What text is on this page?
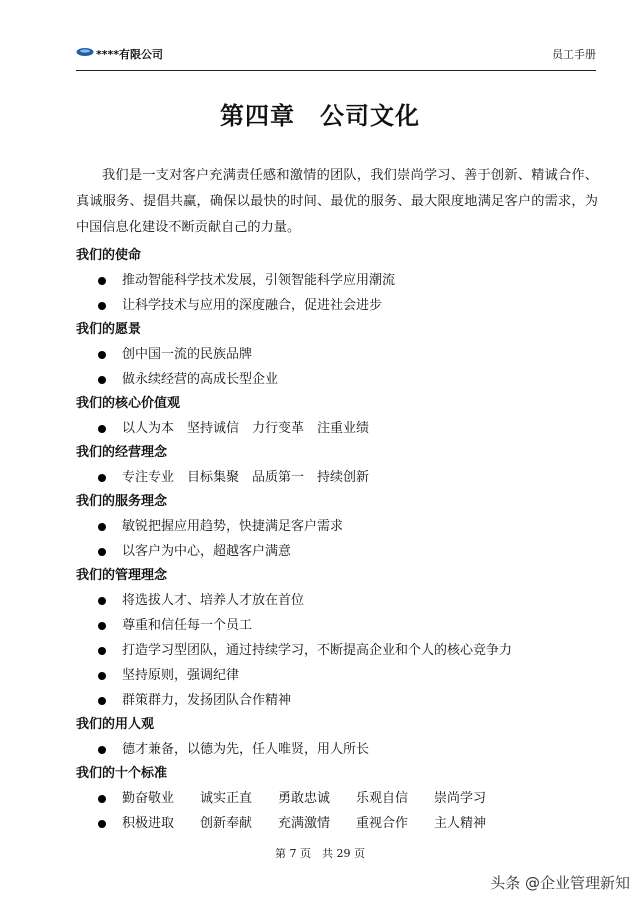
****有限公司	员工手册
第四章　公司文化

我们是一支对客户充满责任感和激情的团队，我们崇尚学习、善于创新、精诚合作、真诚服务、提倡共赢，确保以最快的时间、最优的服务、最大限度地满足客户的需求，为中国信息化建设不断贡献自己的力量。

我们的使命
推动智能科学技术发展，引领智能科学应用潮流
让科学技术与应用的深度融合，促进社会进步
我们的愿景
创中国一流的民族品牌
做永续经营的高成长型企业
我们的核心价值观
以人为本　坚持诚信　力行变革　注重业绩
我们的经营理念
专注专业　目标集聚　品质第一　持续创新
我们的服务理念
敏锐把握应用趋势，快捷满足客户需求
以客户为中心，超越客户满意
我们的管理理念
将选拔人才、培养人才放在首位
尊重和信任每一个员工
打造学习型团队，通过持续学习，不断提高企业和个人的核心竞争力
坚持原则，强调纪律
群策群力，发扬团队合作精神
我们的用人观
德才兼备，以德为先，任人唯贤，用人所长
我们的十个标准
勤奋敬业　　诚实正直　　勇敢忠诚　　乐观自信　　崇尚学习
积极进取　　创新奉献　　充满激情　　重视合作　　主人精神
第 7 页　共 29 页
头条 @企业管理新知
